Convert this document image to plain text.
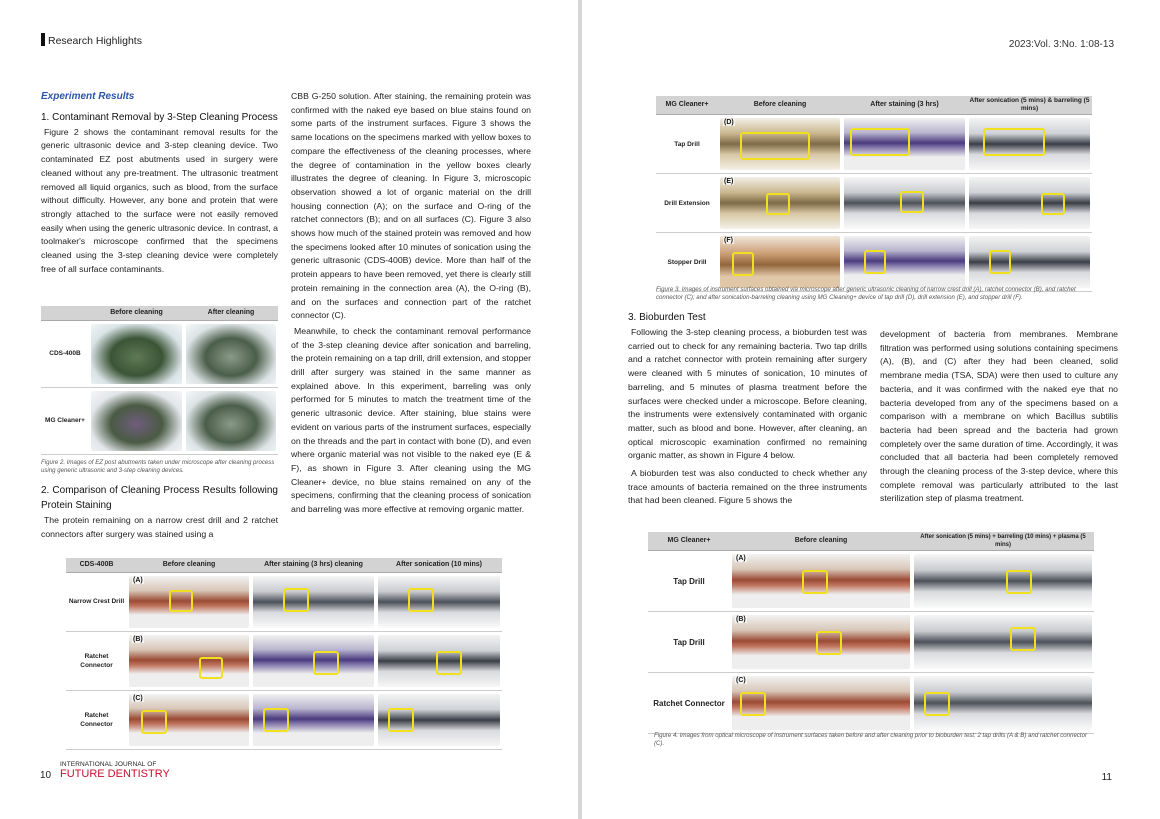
Research Highlights
Experiment Results

1. Contaminant Removal by 3-Step Cleaning Process

Figure 2 shows the contaminant removal results for the generic ultrasonic device and 3-step cleaning device. Two contaminated EZ post abutments used in surgery were cleaned without any pre-treatment. The ultrasonic treatment removed all liquid organics, such as blood, from the surface without difficulty. However, any bone and protein that were strongly attached to the surface were not easily removed easily when using the generic ultrasonic device. In contrast, a toolmaker's microscope confirmed that the specimens cleaned using the 3-step cleaning device were completely free of all surface contaminants.

	Before cleaning	After cleaning
CDS-400B	

MG Cleaner+	

Figure 2. Images of EZ post abutments taken under microscope after cleaning process using generic ultrasonic and 3-step cleaning devices.

2. Comparison of Cleaning Process Results following Protein Staining

The protein remaining on a narrow crest drill and 2 ratchet connectors after surgery was stained using a

CBB G-250 solution. After staining, the remaining protein was confirmed with the naked eye based on blue stains found on some parts of the instrument surfaces. Figure 3 shows the same locations on the specimens marked with yellow boxes to compare the effectiveness of the cleaning processes, where the degree of contamination in the yellow boxes clearly illustrates the degree of cleaning. In Figure 3, microscopic observation showed a lot of organic material on the drill housing connection (A); on the surface and O-ring of the ratchet connectors (B); and on all surfaces (C). Figure 3 also shows how much of the stained protein was removed and how the specimens looked after 10 minutes of sonication using the generic ultrasonic (CDS-400B) device. More than half of the protein appears to have been removed, yet there is clearly still protein remaining in the connection area (A), the O-ring (B), and on the surfaces and connection part of the ratchet connector (C).

Meanwhile, to check the contaminant removal performance of the 3-step cleaning device after sonication and barreling, the protein remaining on a tap drill, drill extension, and stopper drill after surgery was stained in the same manner as explained above. In this experiment, barreling was only performed for 5 minutes to match the treatment time of the generic ultrasonic device. After staining, blue stains were evident on various parts of the instrument surfaces, especially on the threads and the part in contact with bone (D), and even where organic material was not visible to the naked eye (E & F), as shown in Figure 3. After cleaning using the MG Cleaner+ device, no blue stains remained on any of the specimens, confirming that the cleaning process of sonication and barreling was more effective at removing organic matter.

CDS-400B	Before cleaning	After staining (3 hrs) cleaning	After sonication (10 mins)
Narrow Crest Drill	(A)		

Ratchet Connector	(B)		

Ratchet Connector	(C)		

10
INTERNATIONAL JOURNAL OF
FUTURE DENTISTRY
2023:Vol. 3:No. 1:08-13
MG Cleaner+	Before cleaning	After staining (3 hrs)	After sonication (5 mins) & barreling (5 mins)
Tap Drill	(D)		

Drill Extension	(E)		

Stopper Drill	(F)		

Figure 3. Images of instrument surfaces obtained via microscope after generic ultrasonic cleaning of narrow crest drill (A), ratchet connector (B), and ratchet connector (C); and after sonication-barreling cleaning using MG Cleaning+ device of tap drill (D), drill extension (E), and stopper drill (F).

3. Bioburden Test

Following the 3-step cleaning process, a bioburden test was carried out to check for any remaining bacteria. Two tap drills and a ratchet connector with protein remaining after surgery were cleaned with 5 minutes of sonication, 10 minutes of barreling, and 5 minutes of plasma treatment before the surfaces were checked under a microscope. Before cleaning, the instruments were extensively contaminated with organic matter, such as blood and bone. However, after cleaning, an optical microscopic examination confirmed no remaining organic matter, as shown in Figure 4 below.

A bioburden test was also conducted to check whether any trace amounts of bacteria remained on the three instruments that had been cleaned. Figure 5 shows the

development of bacteria from membranes. Membrane filtration was performed using solutions containing specimens (A), (B), and (C) after they had been cleaned, solid membrane media (TSA, SDA) were then used to culture any bacteria, and it was confirmed with the naked eye that no bacteria developed from any of the specimens based on a comparison with a membrane on which Bacillus subtilis bacteria had been spread and the bacteria had grown completely over the same duration of time. Accordingly, it was concluded that all bacteria had been completely removed through the cleaning process of the 3-step device, where this complete removal was particularly attributed to the last sterilization step of plasma treatment.

MG Cleaner+	Before cleaning	After sonication (5 mins) + barreling (10 mins) + plasma (5 mins)
Tap Drill	(A)	

Tap Drill	(B)	

Ratchet Connector	(C)	

Figure 4. Images from optical microscope of instrument surfaces taken before and after cleaning prior to bioburden test: 2 tap drills (A & B) and ratchet connector (C).
11
